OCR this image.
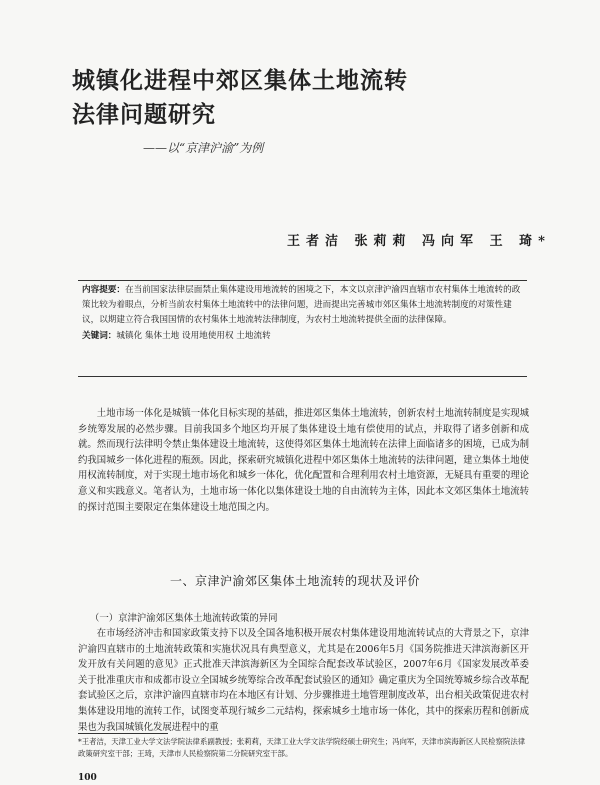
城镇化进程中郊区集体土地流转
法律问题研究
——以“京津沪渝”为例
王者洁 张莉莉 冯向军 王 琦*
内容提要：在当前国家法律层面禁止集体建设用地流转的困境之下，本文以京津沪渝四直辖市农村集体土地流转的政策比较为着眼点，分析当前农村集体土地流转中的法律问题，进而提出完善城市郊区集体土地流转制度的对策性建议，以期建立符合我国国情的农村集体土地流转法律制度，为农村土地流转提供全面的法律保障。
关键词：城镇化 集体土地 设用地使用权 土地流转

土地市场一体化是城镇一体化目标实现的基础，推进郊区集体土地流转，创新农村土地流转制度是实现城乡统筹发展的必然步骤。目前我国多个地区均开展了集体建设土地有偿使用的试点，并取得了诸多创新和成就。然而现行法律明令禁止集体建设土地流转，这使得郊区集体土地流转在法律上面临诸多的困境，已成为制约我国城乡一体化进程的瓶颈。因此，探索研究城镇化进程中郊区集体土地流转的法律问题，建立集体土地使用权流转制度，对于实现土地市场化和城乡一体化，优化配置和合理利用农村土地资源，无疑具有重要的理论意义和实践意义。笔者认为，土地市场一体化以集体建设土地的自由流转为主体，因此本文郊区集体土地流转的探讨范围主要限定在集体建设土地范围之内。

一、京津沪渝郊区集体土地流转的现状及评价
（一）京津沪渝郊区集体土地流转政策的异同

在市场经济冲击和国家政策支持下以及全国各地积极开展农村集体建设用地流转试点的大背景之下，京津沪渝四直辖市的土地流转政策和实施状况具有典型意义，尤其是在2006年5月《国务院推进天津滨海新区开发开放有关问题的意见》正式批准天津滨海新区为全国综合配套改革试验区，2007年6月《国家发展改革委关于批准重庆市和成都市设立全国城乡统筹综合改革配套试验区的通知》确定重庆为全国统筹城乡综合改革配套试验区之后，京津沪渝四直辖市均在本地区有计划、分步骤推进土地管理制度改革，出台相关政策促进农村集体建设用地的流转工作，试图变革现行城乡二元结构，探索城乡土地市场一体化，其中的探索历程和创新成果也为我国城镇化发展进程中的重

*王者洁，天津工业大学文法学院法律系副教授；张莉莉，天津工业大学文法学院经硕士研究生；冯向军，天津市滨海新区人民检察院法律政策研究室干部；王琦，天津市人民检察院第二分院研究室干部。
100
